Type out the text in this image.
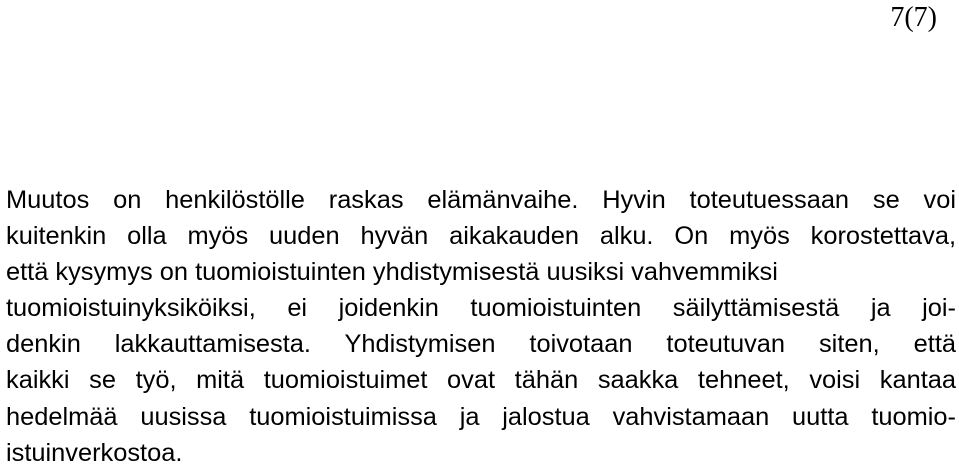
7(7)
Muutos on henkilöstölle raskas elämänvaihe. Hyvin toteutuessaan se voi
kuitenkin olla myös uuden hyvän aikakauden alku. On myös korostettava,
että kysymys on tuomioistuinten yhdistymisestä uusiksi vahvemmiksi
tuomioistuinyksiköiksi, ei joidenkin tuomioistuinten säilyttämisestä ja joi-
denkin lakkauttamisesta. Yhdistymisen toivotaan toteutuvan siten, että
kaikki se työ, mitä tuomioistuimet ovat tähän saakka tehneet, voisi kantaa
hedelmää uusissa tuomioistuimissa ja jalostua vahvistamaan uutta tuomio-
istuinverkostoa.
